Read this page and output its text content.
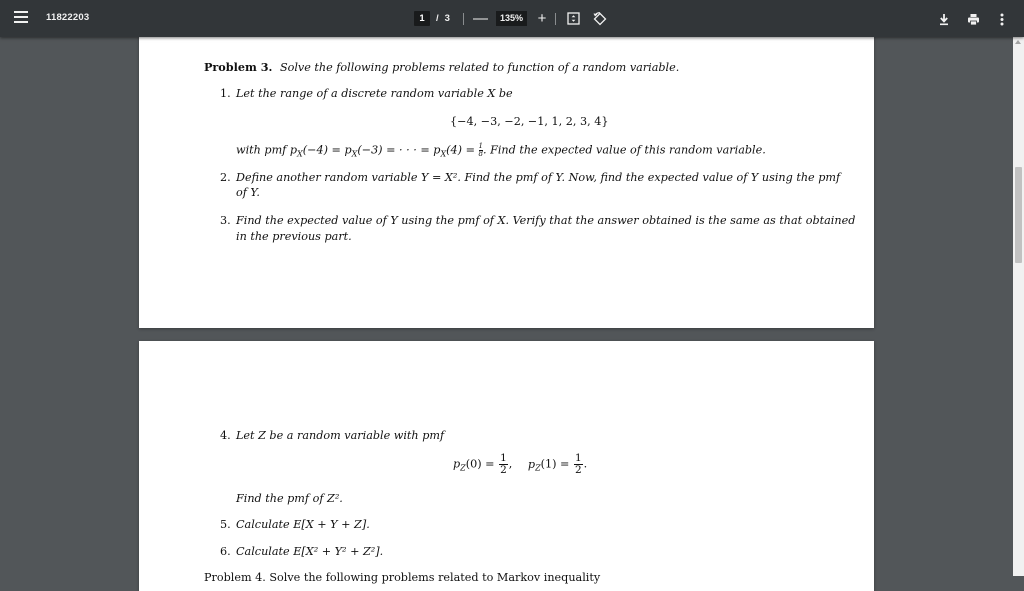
11822203	1	/ 3 —	135% +
Problem 3. Solve the following problems related to function of a random variable.
1. Let the range of a discrete random variable X be
{−4, −3, −2, −1, 1, 2, 3, 4}
with pmf $p_X(-4) = p_X(-3)$ = · · · = $p_X(4) = \frac{1}{8}$. Find the expected value of this random variable.
2. Define another random variable Y = X². Find the pmf of Y. Now, find the expected value of Y using the pmf
of Y.
3. Find the expected value of Y using the pmf of X. Verify that the answer obtained is the same as that obtained
in the previous part.
4. Let Z be a random variable with pmf
$p_Z(0) = \frac{1}{2}$ , $p_Z(1) = \frac{1}{2}$ .
Find the pmf of Z².
5. Calculate E[X + Y + Z].
6. Calculate E[X² + Y² + Z²].
Problem 4. Solve the following problems related to Markov inequality
